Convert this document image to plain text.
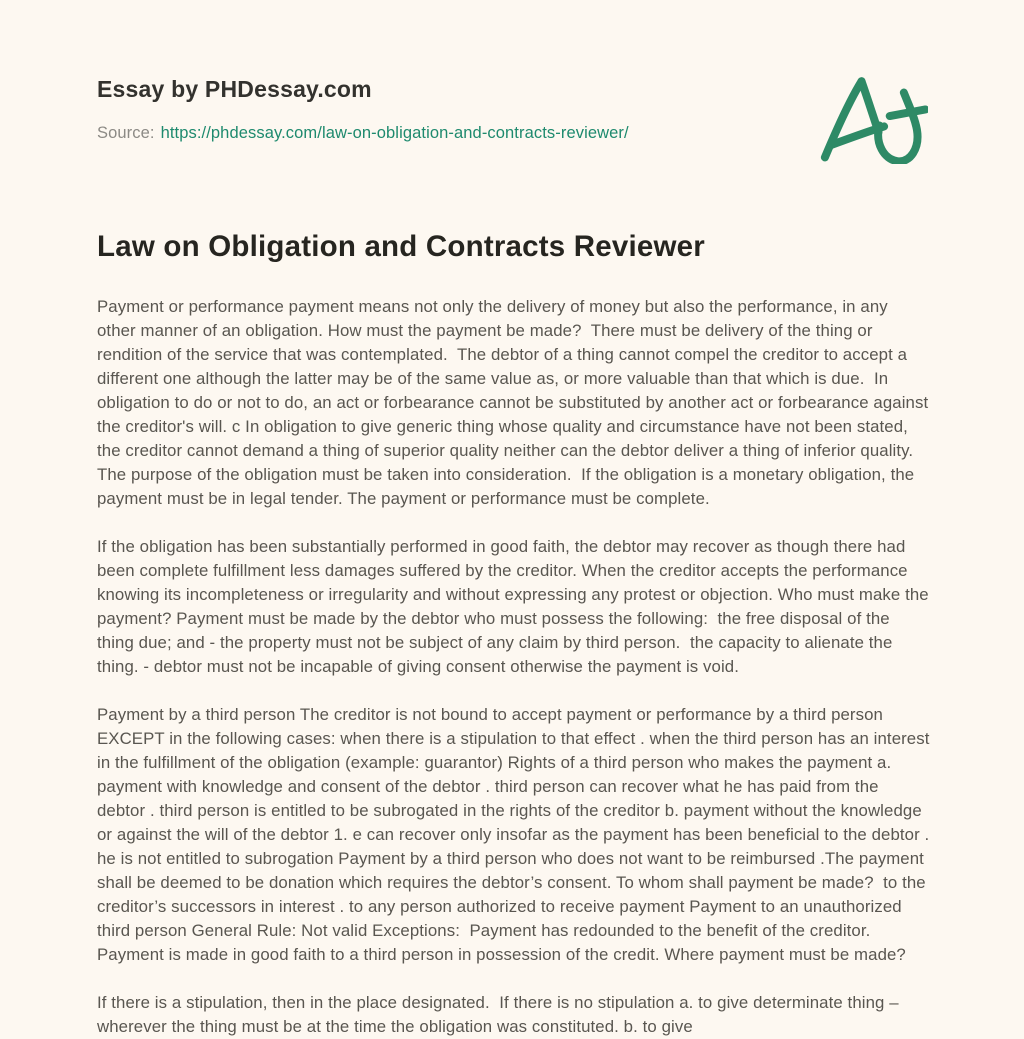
Essay by PHDessay.com
Source: https://phdessay.com/law-on-obligation-and-contracts-reviewer/
Law on Obligation and Contracts Reviewer

Payment or performance payment means not only the delivery of money but also the performance, in any other manner of an obligation. How must the payment be made?  There must be delivery of the thing or rendition of the service that was contemplated.  The debtor of a thing cannot compel the creditor to accept a different one although the latter may be of the same value as, or more valuable than that which is due.  In obligation to do or not to do, an act or forbearance cannot be substituted by another act or forbearance against the creditor's will. c In obligation to give generic thing whose quality and circumstance have not been stated, the creditor cannot demand a thing of superior quality neither can the debtor deliver a thing of inferior quality. The purpose of the obligation must be taken into consideration.  If the obligation is a monetary obligation, the payment must be in legal tender. The payment or performance must be complete.

If the obligation has been substantially performed in good faith, the debtor may recover as though there had been complete fulfillment less damages suffered by the creditor. When the creditor accepts the performance knowing its incompleteness or irregularity and without expressing any protest or objection. Who must make the payment? Payment must be made by the debtor who must possess the following:  the free disposal of the thing due; and - the property must not be subject of any claim by third person.  the capacity to alienate the thing. - debtor must not be incapable of giving consent otherwise the payment is void.

Payment by a third person The creditor is not bound to accept payment or performance by a third person EXCEPT in the following cases: when there is a stipulation to that effect . when the third person has an interest in the fulfillment of the obligation (example: guarantor) Rights of a third person who makes the payment a. payment with knowledge and consent of the debtor . third person can recover what he has paid from the debtor . third person is entitled to be subrogated in the rights of the creditor b. payment without the knowledge or against the will of the debtor 1. e can recover only insofar as the payment has been beneficial to the debtor . he is not entitled to subrogation Payment by a third person who does not want to be reimbursed .The payment shall be deemed to be donation which requires the debtor’s consent. To whom shall payment be made?  to the creditor’s successors in interest . to any person authorized to receive payment Payment to an unauthorized third person General Rule: Not valid Exceptions:  Payment has redounded to the benefit of the creditor. Payment is made in good faith to a third person in possession of the credit. Where payment must be made?

If there is a stipulation, then in the place designated.  If there is no stipulation a. to give determinate thing – wherever the thing must be at the time the obligation was constituted. b. to give
